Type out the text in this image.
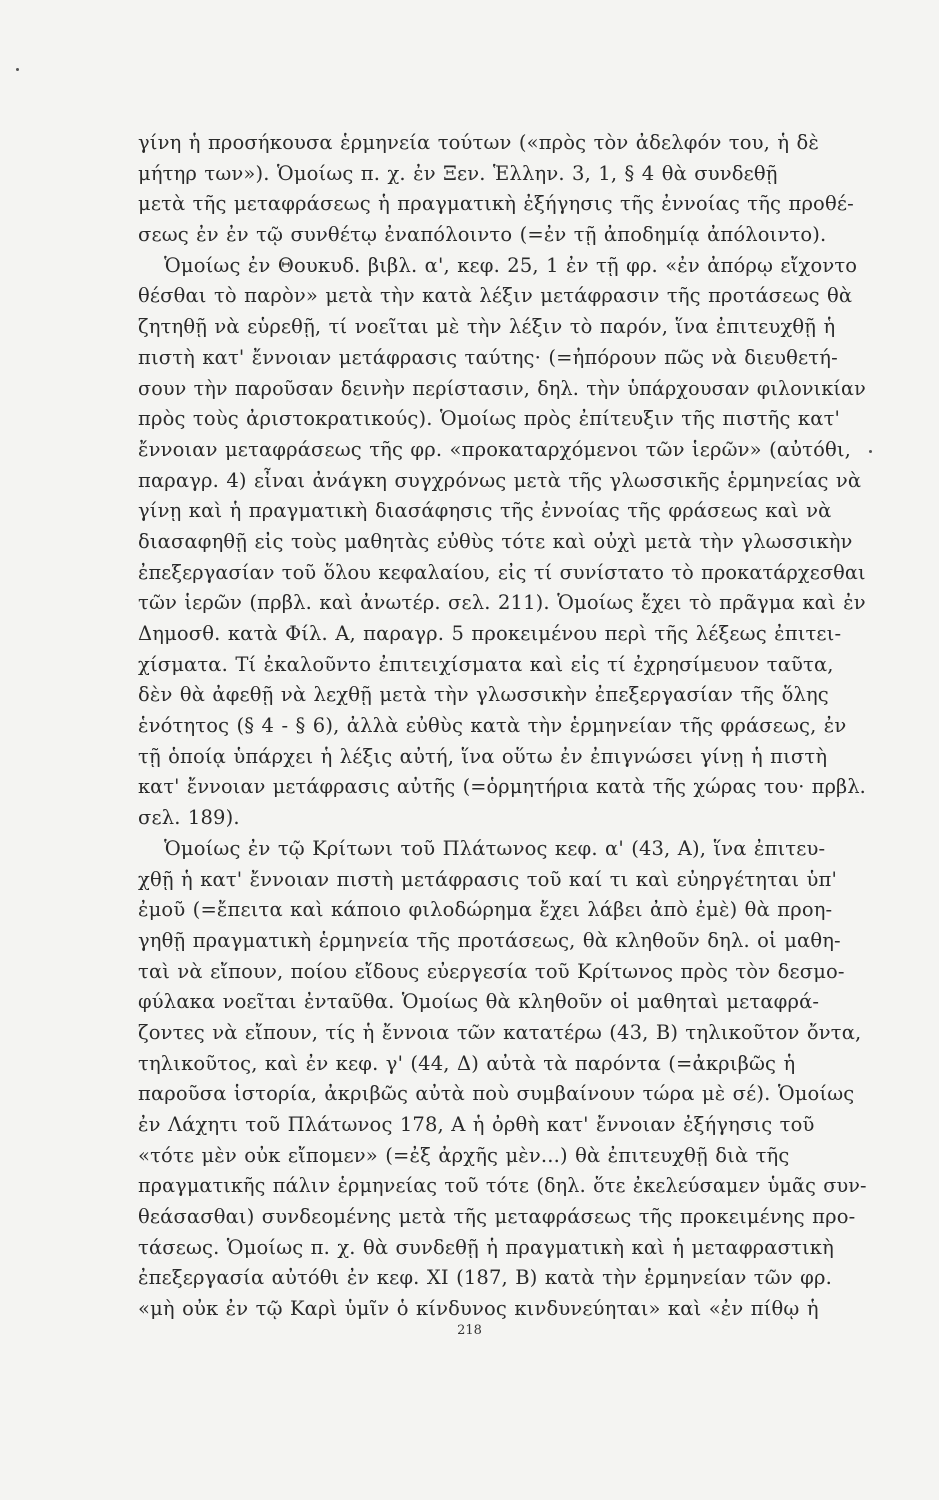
γίνη ἡ προσήκουσα ἑρμηνεία τούτων («πρὸς τὸν ἀδελφόν του, ἡ δὲ
μήτηρ των»). Ὁμοίως π. χ. ἐν Ξεν. Ἑλλην. 3, 1, § 4 θὰ συνδεθῇ
μετὰ τῆς μεταφράσεως ἡ πραγματικὴ ἐξήγησις τῆς ἐννοίας τῆς προθέ-
σεως ἐν ἐν τῷ συνθέτῳ ἐναπόλοιντο (=ἐν τῇ ἀποδημίᾳ ἀπόλοιντο).
Ὁμοίως ἐν Θουκυδ. βιβλ. α', κεφ. 25, 1 ἐν τῇ φρ. «ἐν ἀπόρῳ εἴχοντο
θέσθαι τὸ παρὸν» μετὰ τὴν κατὰ λέξιν μετάφρασιν τῆς προτάσεως θὰ
ζητηθῇ νὰ εὑρεθῇ, τί νοεῖται μὲ τὴν λέξιν τὸ παρόν, ἵνα ἐπιτευχθῇ ἡ
πιστὴ κατ' ἔννοιαν μετάφρασις ταύτης· (=ἠπόρουν πῶς νὰ διευθετή-
σουν τὴν παροῦσαν δεινὴν περίστασιν, δηλ. τὴν ὑπάρχουσαν φιλονικίαν
πρὸς τοὺς ἀριστοκρατικούς). Ὁμοίως πρὸς ἐπίτευξιν τῆς πιστῆς κατ'
ἔννοιαν μεταφράσεως τῆς φρ. «προκαταρχόμενοι τῶν ἱερῶν» (αὐτόθι,
παραγρ. 4) εἶναι ἀνάγκη συγχρόνως μετὰ τῆς γλωσσικῆς ἑρμηνείας νὰ
γίνῃ καὶ ἡ πραγματικὴ διασάφησις τῆς ἐννοίας τῆς φράσεως καὶ νὰ
διασαφηθῇ εἰς τοὺς μαθητὰς εὐθὺς τότε καὶ οὐχὶ μετὰ τὴν γλωσσικὴν
ἐπεξεργασίαν τοῦ ὅλου κεφαλαίου, εἰς τί συνίστατο τὸ προκατάρχεσθαι
τῶν ἱερῶν (πρβλ. καὶ ἀνωτέρ. σελ. 211). Ὁμοίως ἔχει τὸ πρᾶγμα καὶ ἐν
Δημοσθ. κατὰ Φίλ. Α, παραγρ. 5 προκειμένου περὶ τῆς λέξεως ἐπιτει-
χίσματα. Τί ἐκαλοῦντο ἐπιτειχίσματα καὶ εἰς τί ἐχρησίμευον ταῦτα,
δὲν θὰ ἀφεθῇ νὰ λεχθῇ μετὰ τὴν γλωσσικὴν ἐπεξεργασίαν τῆς ὅλης
ἑνότητος (§ 4 - § 6), ἀλλὰ εὐθὺς κατὰ τὴν ἑρμηνείαν τῆς φράσεως, ἐν
τῇ ὁποίᾳ ὑπάρχει ἡ λέξις αὐτή, ἵνα οὕτω ἐν ἐπιγνώσει γίνῃ ἡ πιστὴ
κατ' ἔννοιαν μετάφρασις αὐτῆς (=ὁρμητήρια κατὰ τῆς χώρας του· πρβλ.
σελ. 189).
Ὁμοίως ἐν τῷ Κρίτωνι τοῦ Πλάτωνος κεφ. α' (43, Α), ἵνα ἐπιτευ-
χθῇ ἡ κατ' ἔννοιαν πιστὴ μετάφρασις τοῦ καί τι καὶ εὐηργέτηται ὑπ'
ἐμοῦ (=ἔπειτα καὶ κάποιο φιλοδώρημα ἔχει λάβει ἀπὸ ἐμὲ) θὰ προη-
γηθῇ πραγματικὴ ἑρμηνεία τῆς προτάσεως, θὰ κληθοῦν δηλ. οἱ μαθη-
ταὶ νὰ εἴπουν, ποίου εἴδους εὐεργεσία τοῦ Κρίτωνος πρὸς τὸν δεσμο-
φύλακα νοεῖται ἐνταῦθα. Ὁμοίως θὰ κληθοῦν οἱ μαθηταὶ μεταφρά-
ζοντες νὰ εἴπουν, τίς ἡ ἔννοια τῶν κατατέρω (43, Β) τηλικοῦτον ὄντα,
τηλικοῦτος, καὶ ἐν κεφ. γ' (44, Δ) αὐτὰ τὰ παρόντα (=ἀκριβῶς ἡ
παροῦσα ἱστορία, ἀκριβῶς αὐτὰ ποὺ συμβαίνουν τώρα μὲ σέ). Ὁμοίως
ἐν Λάχητι τοῦ Πλάτωνος 178, Α ἡ ὀρθὴ κατ' ἔννοιαν ἐξήγησις τοῦ
«τότε μὲν οὐκ εἴπομεν» (=ἐξ ἀρχῆς μὲν...) θὰ ἐπιτευχθῇ διὰ τῆς
πραγματικῆς πάλιν ἑρμηνείας τοῦ τότε (δηλ. ὅτε ἐκελεύσαμεν ὑμᾶς συν-
θεάσασθαι) συνδεομένης μετὰ τῆς μεταφράσεως τῆς προκειμένης προ-
τάσεως. Ὁμοίως π. χ. θὰ συνδεθῇ ἡ πραγματικὴ καὶ ἡ μεταφραστικὴ
ἐπεξεργασία αὐτόθι ἐν κεφ. XI (187, Β) κατὰ τὴν ἑρμηνείαν τῶν φρ.
«μὴ οὐκ ἐν τῷ Καρὶ ὑμῖν ὁ κίνδυνος κινδυνεύηται» καὶ «ἐν πίθῳ ἡ
218
